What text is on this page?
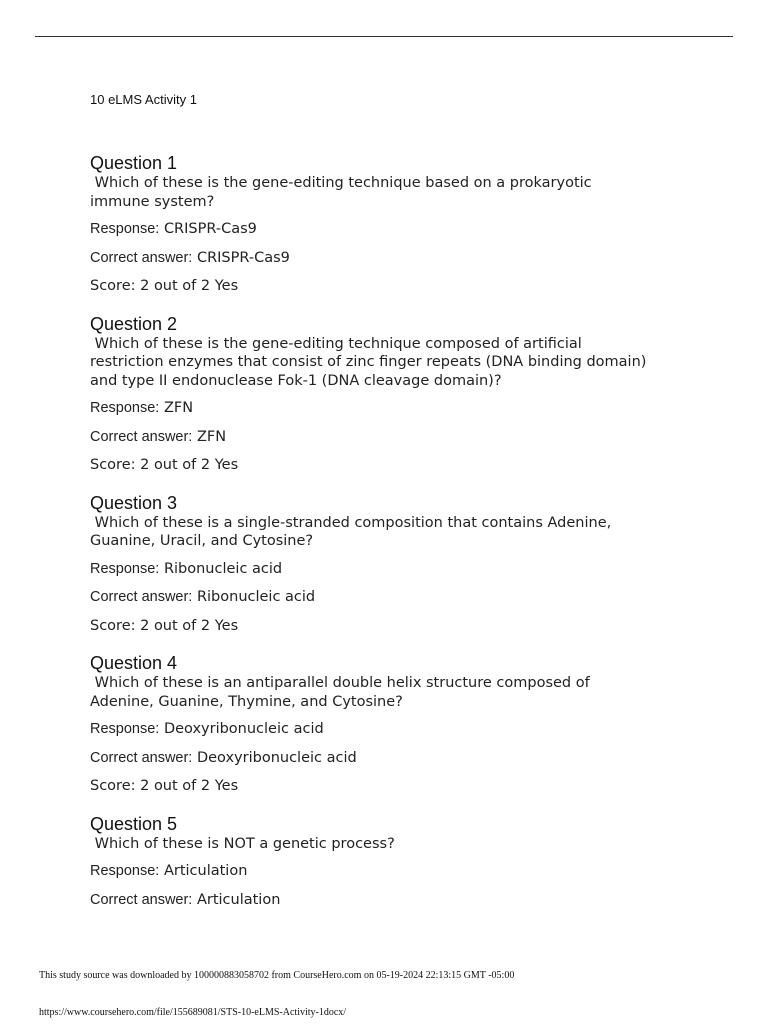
10 eLMS Activity 1
Question 1
Which of these is the gene-editing technique based on a prokaryotic
immune system?
Response: CRISPR-Cas9
Correct answer: CRISPR-Cas9
Score: 2 out of 2 Yes
Question 2
Which of these is the gene-editing technique composed of artificial
restriction enzymes that consist of zinc finger repeats (DNA binding domain)
and type II endonuclease Fok-1 (DNA cleavage domain)?
Response: ZFN
Correct answer: ZFN
Score: 2 out of 2 Yes
Question 3
Which of these is a single-stranded composition that contains Adenine,
Guanine, Uracil, and Cytosine?
Response: Ribonucleic acid
Correct answer: Ribonucleic acid
Score: 2 out of 2 Yes
Question 4
Which of these is an antiparallel double helix structure composed of
Adenine, Guanine, Thymine, and Cytosine?
Response: Deoxyribonucleic acid
Correct answer: Deoxyribonucleic acid
Score: 2 out of 2 Yes
Question 5
Which of these is NOT a genetic process?
Response: Articulation
Correct answer: Articulation
This study source was downloaded by 100000883058702 from CourseHero.com on 05-19-2024 22:13:15 GMT -05:00
https://www.coursehero.com/file/155689081/STS-10-eLMS-Activity-1docx/
